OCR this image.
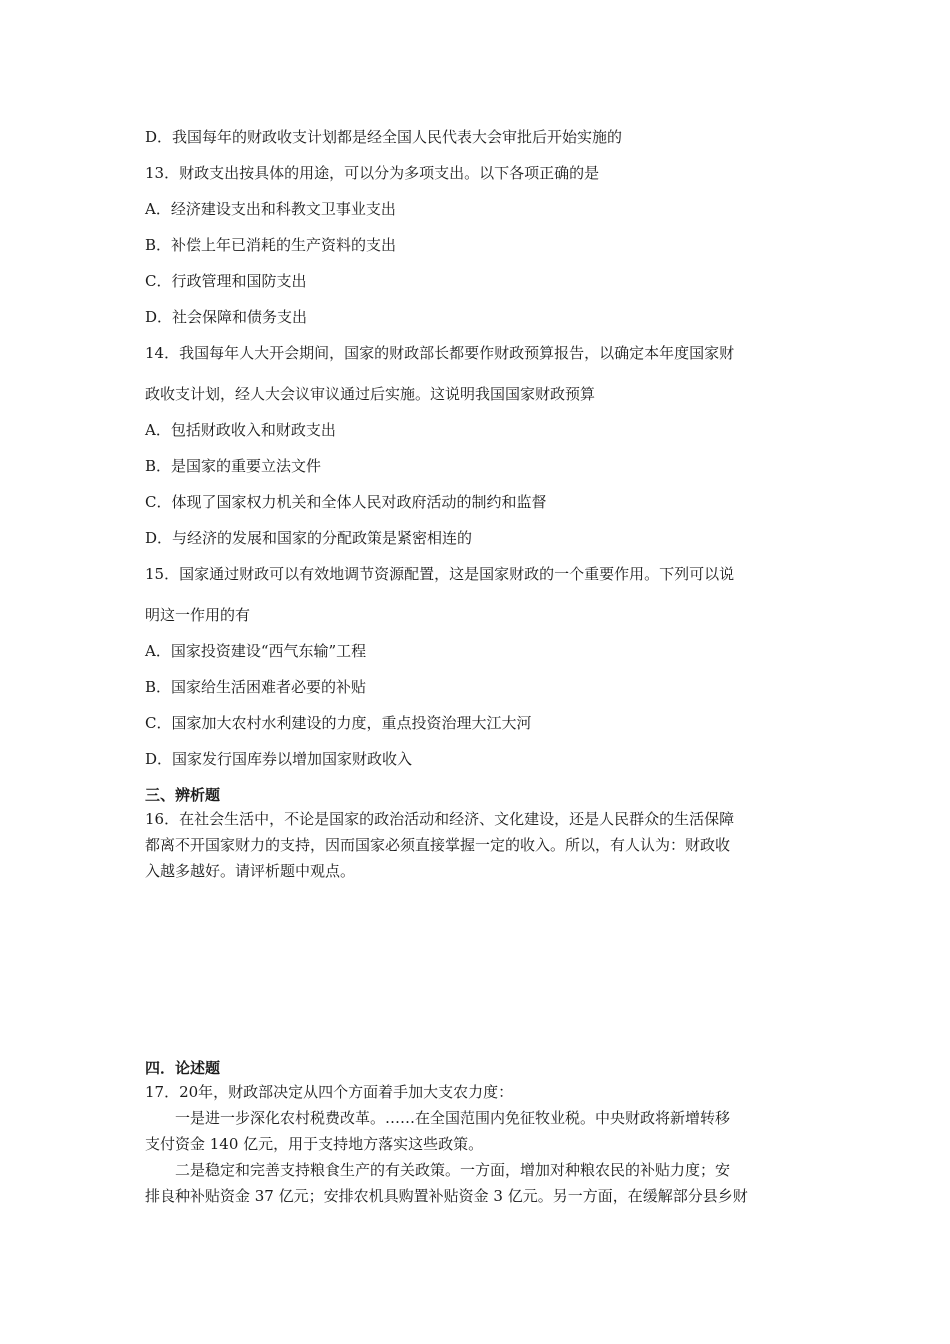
D．我国每年的财政收支计划都是经全国人民代表大会审批后开始实施的
13．财政支出按具体的用途，可以分为多项支出。以下各项正确的是
A．经济建设支出和科教文卫事业支出
B．补偿上年已消耗的生产资料的支出
C．行政管理和国防支出
D．社会保障和债务支出
14．我国每年人大开会期间，国家的财政部长都要作财政预算报告，以确定本年度国家财
政收支计划，经人大会议审议通过后实施。这说明我国国家财政预算
A．包括财政收入和财政支出
B．是国家的重要立法文件
C．体现了国家权力机关和全体人民对政府活动的制约和监督
D．与经济的发展和国家的分配政策是紧密相连的
15．国家通过财政可以有效地调节资源配置，这是国家财政的一个重要作用。下列可以说
明这一作用的有
A．国家投资建设“西气东输”工程
B．国家给生活困难者必要的补贴
C．国家加大农村水利建设的力度，重点投资治理大江大河
D．国家发行国库券以增加国家财政收入
三、辨析题
16．在社会生活中，不论是国家的政治活动和经济、文化建设，还是人民群众的生活保障
都离不开国家财力的支持，因而国家必须直接掌握一定的收入。所以，有人认为：财政收
入越多越好。请评析题中观点。
四．论述题
17．20年，财政部决定从四个方面着手加大支农力度：
一是进一步深化农村税费改革。……在全国范围内免征牧业税。中央财政将新增转移
支付资金 140 亿元，用于支持地方落实这些政策。
二是稳定和完善支持粮食生产的有关政策。一方面，增加对种粮农民的补贴力度；安
排良种补贴资金 37 亿元；安排农机具购置补贴资金 3 亿元。另一方面，在缓解部分县乡财
